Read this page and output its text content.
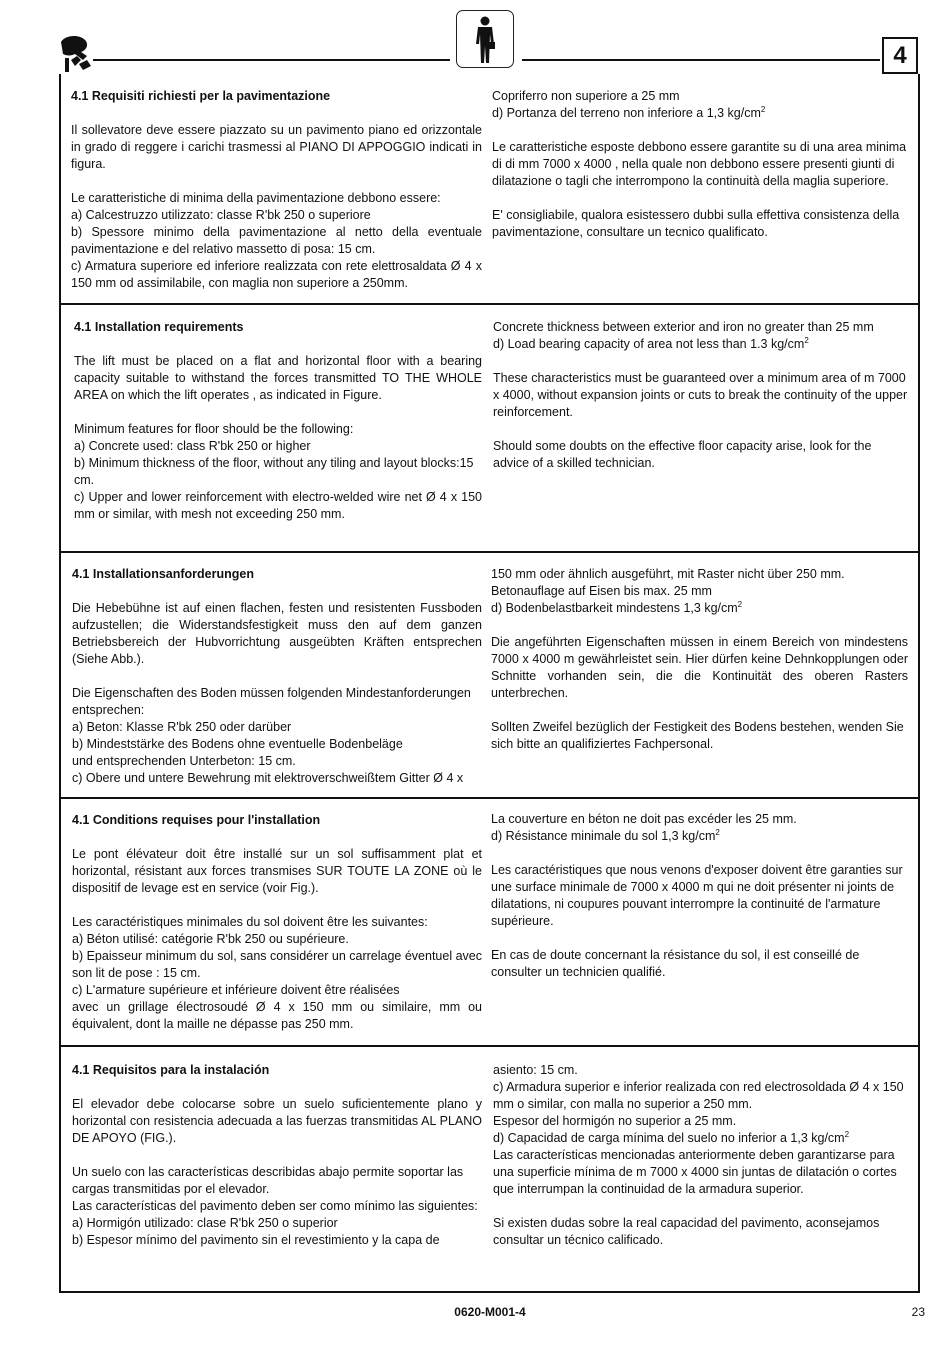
4

4.1 Requisiti richiesti per la pavimentazione

Il sollevatore deve essere piazzato su un pavimento piano ed orizzontale in grado di reggere i carichi trasmessi al PIANO DI APPOGGIO indicati in figura.

Le caratteristiche di minima della pavimentazione debbono essere:
a) Calcestruzzo utilizzato: classe R'bk 250 o superiore
b) Spessore minimo della pavimentazione al netto della eventuale pavimentazione e del relativo massetto di posa: 15 cm.
c) Armatura superiore ed inferiore realizzata con rete elettrosaldata Ø 4 x 150 mm od assimilabile, con maglia non superiore a 250mm.

Copriferro non superiore a 25 mm
d) Portanza del terreno non inferiore a 1,3 $kg/cm^2$

Le caratteristiche esposte debbono essere garantite su di una area minima di di mm 7000 x 4000 , nella quale non debbono essere presenti giunti di dilatazione o tagli che interrompono la continuità della maglia superiore.

E' consigliabile, qualora esistessero dubbi sulla effettiva consistenza della pavimentazione, consultare un tecnico qualificato.

4.1 Installation requirements

The lift must be placed on a flat and horizontal floor with a bearing capacity suitable to withstand the forces transmitted TO THE WHOLE AREA on which the lift operates , as indicated in Figure.

Minimum features for floor should be the following:
a) Concrete used: class R'bk 250 or higher
b) Minimum thickness of the floor, without any tiling and layout blocks:15 cm.
c) Upper and lower reinforcement with electro-welded wire net Ø 4 x 150 mm or similar, with mesh not exceeding 250 mm.

Concrete thickness between exterior and iron no greater than 25 mm
d) Load bearing capacity of area not less than 1.3 $kg/cm^2$

These characteristics must be guaranteed over a minimum area of m 7000 x 4000, without expansion joints or cuts to break the continuity of the upper reinforcement.

Should some doubts on the effective floor capacity arise, look for the advice of a skilled technician.

4.1 Installationsanforderungen

Die Hebebühne ist auf einen flachen, festen und resistenten Fussboden aufzustellen; die Widerstandsfestigkeit muss den auf dem ganzen Betriebsbereich der Hubvorrichtung ausgeübten Kräften entsprechen (Siehe Abb.).

Die Eigenschaften des Boden müssen folgenden Mindestanforderungen entsprechen:
a) Beton: Klasse R'bk 250 oder darüber
b) Mindeststärke des Bodens ohne eventuelle Bodenbeläge
und entsprechenden Unterbeton: 15 cm.
c) Obere und untere Bewehrung mit elektroverschweißtem Gitter Ø 4 x

150 mm oder ähnlich ausgeführt, mit Raster nicht über 250 mm.
Betonauflage auf Eisen bis max. 25 mm
d) Bodenbelastbarkeit mindestens 1,3 $kg/cm^2$

Die angeführten Eigenschaften müssen in einem Bereich von mindestens 7000 x 4000 m gewährleistet sein. Hier dürfen keine Dehnkopplungen oder Schnitte vorhanden sein, die die Kontinuität des oberen Rasters unterbrechen.

Sollten Zweifel bezüglich der Festigkeit des Bodens bestehen, wenden Sie sich bitte an qualifiziertes Fachpersonal.

4.1 Conditions requises pour l'installation

Le pont élévateur doit être installé sur un sol suffisamment plat et horizontal, résistant aux forces transmises SUR TOUTE LA ZONE où le dispositif de levage est en service (voir Fig.).

Les caractéristiques minimales du sol doivent être les suivantes:
a) Béton utilisé: catégorie R'bk 250 ou supérieure.
b) Epaisseur minimum du sol, sans considérer un carrelage éventuel avec son lit de pose : 15 cm.
c) L'armature supérieure et inférieure doivent être réalisées
avec un grillage électrosoudé Ø 4 x 150 mm ou similaire, mm ou équivalent, dont la maille ne dépasse pas 250 mm.

La couverture en béton ne doit pas excéder les 25 mm.
d) Résistance minimale du sol 1,3 $kg/cm^2$

Les caractéristiques que nous venons d'exposer doivent être garanties sur une surface minimale de 7000 x 4000 m qui ne doit présenter ni joints de dilatations, ni coupures pouvant interrompre la continuité de l'armature supérieure.

En cas de doute concernant la résistance du sol, il est conseillé de consulter un technicien qualifié.

4.1 Requisitos para la instalación

El elevador debe colocarse sobre un suelo suficientemente plano y horizontal con resistencia adecuada a las fuerzas transmitidas AL PLANO DE APOYO (FIG.).

Un suelo con las características describidas abajo permite soportar las cargas transmitidas por el elevador.
Las características del pavimento deben ser como mínimo las siguientes:
a) Hormigón utilizado: clase R'bk 250 o superior
b) Espesor mínimo del pavimento sin el revestimiento y la capa de

asiento: 15 cm.
c) Armadura superior e inferior realizada con red electrosoldada Ø 4 x 150 mm o similar, con malla no superior a 250 mm.
Espesor del hormigón no superior a 25 mm.
d) Capacidad de carga mínima del suelo no inferior a 1,3 $kg/cm^2$
Las características mencionadas anteriormente deben garantizarse para una superficie mínima de m 7000 x 4000 sin juntas de dilatación o cortes que interrumpan la continuidad de la armadura superior.

Si existen dudas sobre la real capacidad del pavimento, aconsejamos consultar un técnico calificado.

0620-M001-4	23
